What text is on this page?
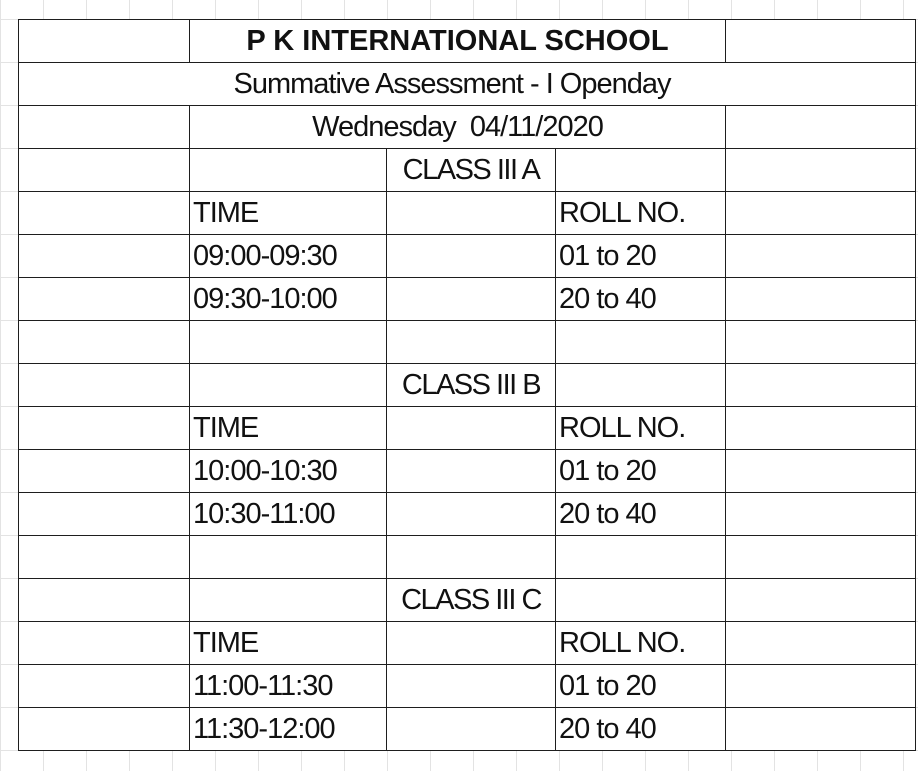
	P K INTERNATIONAL SCHOOL			

Summative Assessment - I Openday				

	Wednesday  04/11/2020			

		CLASS III A		
	TIME		ROLL NO.	
	09:00-09:30		01 to 20	
	09:30-10:00		20 to 40	

		CLASS III B		
	TIME		ROLL NO.	
	10:00-10:30		01 to 20	
	10:30-11:00		20 to 40	

		CLASS III C		
	TIME		ROLL NO.	
	11:00-11:30		01 to 20	
	11:30-12:00		20 to 40	
